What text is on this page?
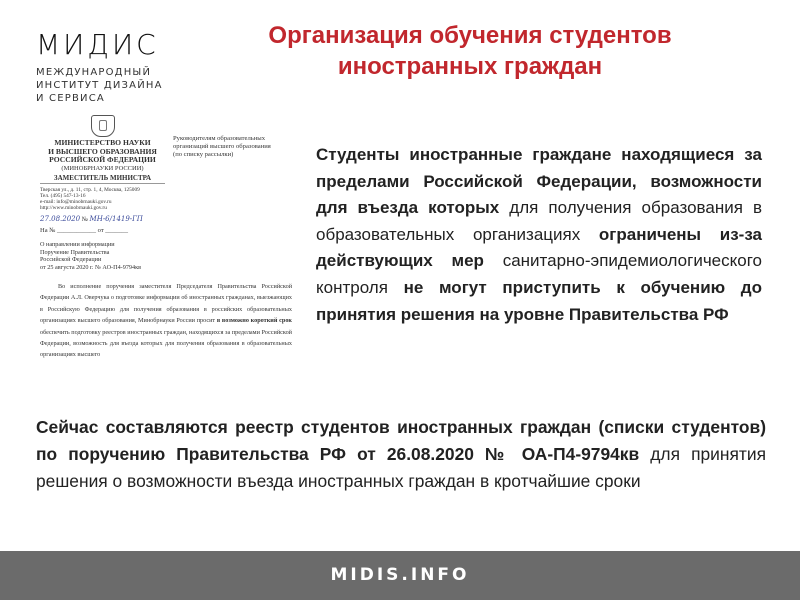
МИДИС
МЕЖДУНАРОДНЫЙ
ИНСТИТУТ ДИЗАЙНА
И СЕРВИСА
Организация обучения студентов
иностранных граждан
МИНИСТЕРСТВО НАУКИ
И ВЫСШЕГО ОБРАЗОВАНИЯ
РОССИЙСКОЙ ФЕДЕРАЦИИ
(МИНОБРНАУКИ РОССИИ)
ЗАМЕСТИТЕЛЬ МИНИСТРА
Тверская ул., д. 11, стр. 1, 4, Москва, 125009
Тел. (495) 547-13-16
e-mail: info@minobrnauki.gov.ru
http://www.minobrnauki.gov.ru
27.08.2020 № МН-6/1419-ГП
На № ____________ от _______
Руководителям образовательных
организаций высшего образования
(по списку рассылки)
О направлении информации
Поручение Правительства
Российской Федерации
от 25 августа 2020 г. № АО-П4-9794кв
Во исполнение поручения заместителя Председателя Правительства Российской Федерации А.Л. Оверчука о подготовке информации об иностранных гражданах, выезжающих в Российскую Федерацию для получения образования в российских образовательных организациях высшего образования, Минобрнауки России просит в возможно короткий срок обеспечить подготовку реестров иностранных граждан, находящихся за пределами Российской Федерации, возможность для въезда которых для получения образования в образовательных организациях высшего
Студенты иностранные граждане находящиеся за пределами Российской Федерации, возможности для въезда которых для получения образования в образовательных организациях ограничены из-за действующих мер санитарно-эпидемиологического контроля не могут приступить к обучению до принятия решения на уровне Правительства РФ
Сейчас составляются реестр студентов иностранных граждан (списки студентов) по поручению Правительства РФ от 26.08.2020 № ОА-П4-9794кв для принятия решения о возможности въезда иностранных граждан в кротчайшие сроки
MIDIS.INFO
